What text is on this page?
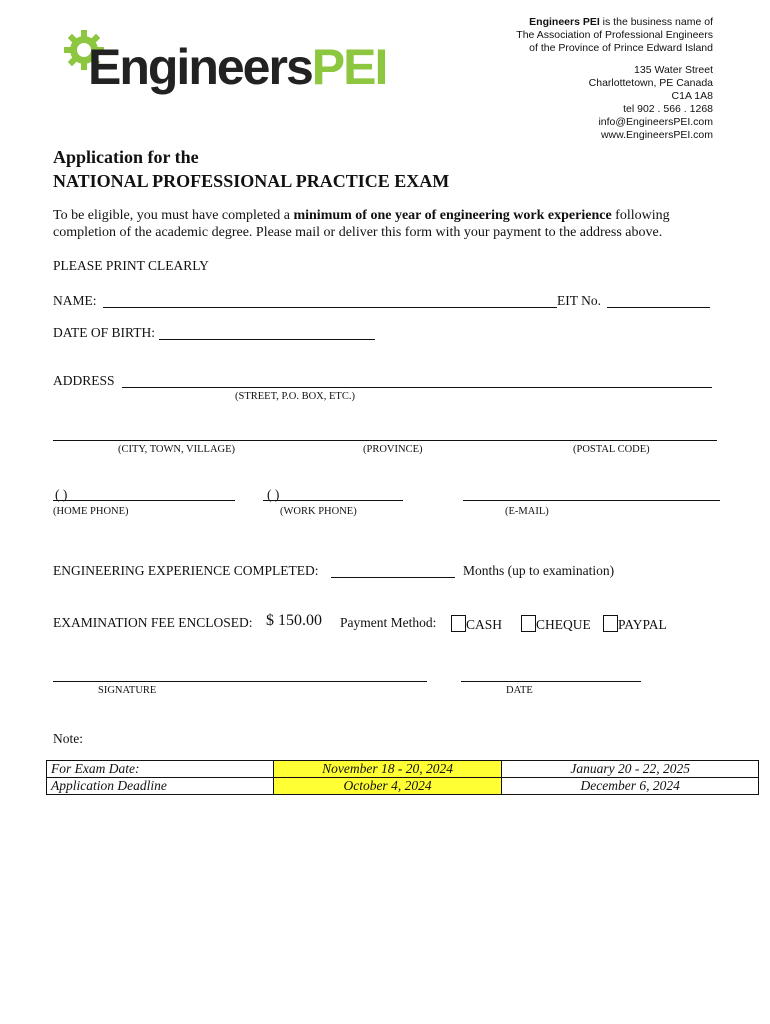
EngineersPEI
Engineers PEI is the business name of
The Association of Professional Engineers
of the Province of Prince Edward Island
135 Water Street
Charlottetown, PE Canada
C1A 1A8
tel 902 . 566 . 1268
info@EngineersPEI.com
www.EngineersPEI.com
Application for the
NATIONAL PROFESSIONAL PRACTICE EXAM
To be eligible, you must have completed a minimum of one year of engineering work experience following completion of the academic degree. Please mail or deliver this form with your payment to the address above.
PLEASE PRINT CLEARLY
NAME:	EIT No.
DATE OF BIRTH:
ADDRESS
(STREET, P.O. BOX, ETC.)
(CITY, TOWN, VILLAGE)	(PROVINCE)	(POSTAL CODE)
( )	( )
(HOME PHONE)	(WORK PHONE)	(E-MAIL)
ENGINEERING EXPERIENCE COMPLETED:	Months (up to examination)
EXAMINATION FEE ENCLOSED: $ 150.00 Payment Method:	CASH	CHEQUE	PAYPAL
SIGNATURE	DATE
Note:
For Exam Date:	November 18 - 20, 2024	January 20 - 22, 2025
Application Deadline	October 4, 2024	December 6, 2024
